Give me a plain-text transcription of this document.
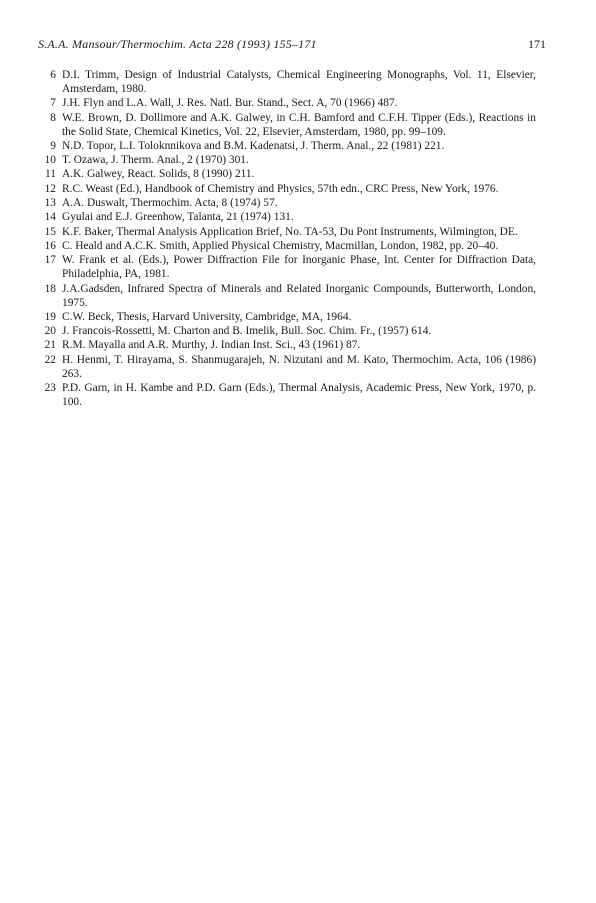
S.A.A. Mansour/Thermochim. Acta 228 (1993) 155–171	171
6 D.I. Trimm, Design of Industrial Catalysts, Chemical Engineering Monographs, Vol. 11, Elsevier, Amsterdam, 1980.
7 J.H. Flyn and L.A. Wall, J. Res. Natl. Bur. Stand., Sect. A, 70 (1966) 487.
8 W.E. Brown, D. Dollimore and A.K. Galwey, in C.H. Bamford and C.F.H. Tipper (Eds.), Reactions in the Solid State, Chemical Kinetics, Vol. 22, Elsevier, Amsterdam, 1980, pp. 99–109.
9 N.D. Topor, L.I. Toloknnikova and B.M. Kadenatsi, J. Therm. Anal., 22 (1981) 221.
10 T. Ozawa, J. Therm. Anal., 2 (1970) 301.
11 A.K. Galwey, React. Solids, 8 (1990) 211.
12 R.C. Weast (Ed.), Handbook of Chemistry and Physics, 57th edn., CRC Press, New York, 1976.
13 A.A. Duswalt, Thermochim. Acta, 8 (1974) 57.
14 Gyulai and E.J. Greenhow, Talanta, 21 (1974) 131.
15 K.F. Baker, Thermal Analysis Application Brief, No. TA-53, Du Pont Instruments, Wilmington, DE.
16 C. Heald and A.C.K. Smith, Applied Physical Chemistry, Macmillan, London, 1982, pp. 20–40.
17 W. Frank et al. (Eds.), Power Diffraction File for Inorganic Phase, Int. Center for Diffraction Data, Philadelphia, PA, 1981.
18 J.A.Gadsden, Infrared Spectra of Minerals and Related Inorganic Compounds, Butterworth, London, 1975.
19 C.W. Beck, Thesis, Harvard University, Cambridge, MA, 1964.
20 J. Francois-Rossetti, M. Charton and B. Imelik, Bull. Soc. Chim. Fr., (1957) 614.
21 R.M. Mayalla and A.R. Murthy, J. Indian Inst. Sci., 43 (1961) 87.
22 H. Henmi, T. Hirayama, S. Shanmugarajeh, N. Nizutani and M. Kato, Thermochim. Acta, 106 (1986) 263.
23 P.D. Garn, in H. Kambe and P.D. Garn (Eds.), Thermal Analysis, Academic Press, New York, 1970, p. 100.
